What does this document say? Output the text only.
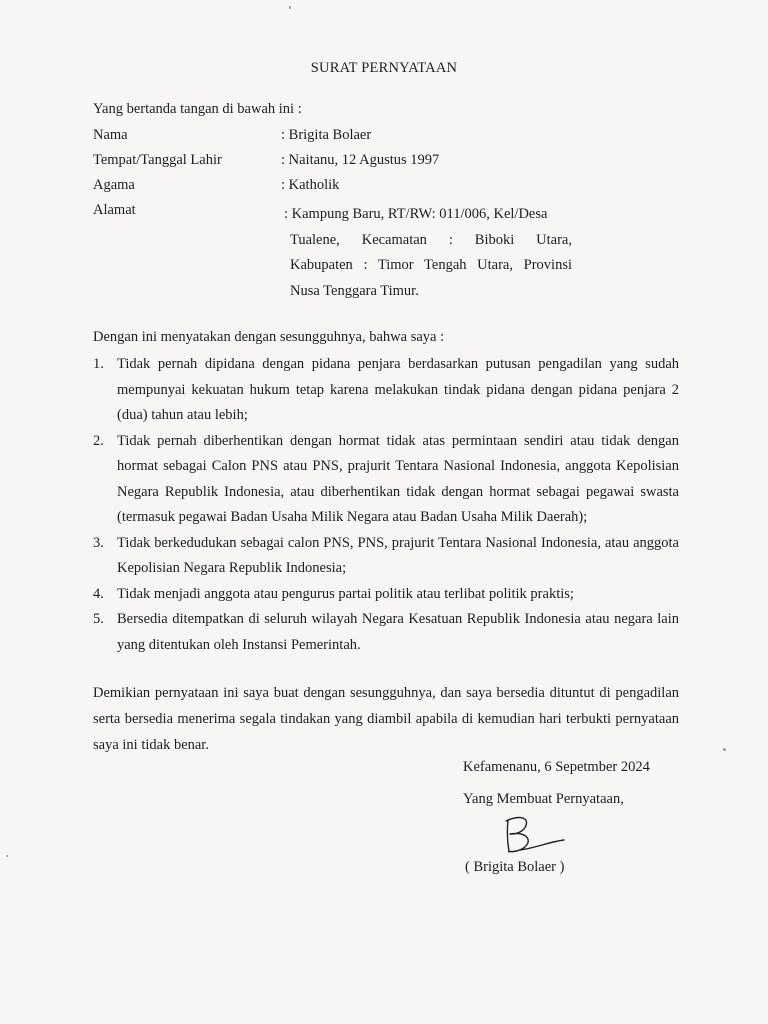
SURAT PERNYATAAN
Yang bertanda tangan di bawah ini :
Nama	: Brigita Bolaer
Tempat/Tanggal Lahir	: Naitanu, 12 Agustus 1997
Agama	: Katholik
Alamat	: Kampung Baru, RT/RW: 011/006, Kel/Desa
Tualene, Kecamatan : Biboki Utara,
Kabupaten : Timor Tengah Utara, Provinsi
Nusa Tenggara Timur.
Dengan ini menyatakan dengan sesungguhnya, bahwa saya :
1. Tidak pernah dipidana dengan pidana penjara berdasarkan putusan pengadilan yang sudah mempunyai kekuatan hukum tetap karena melakukan tindak pidana dengan pidana penjara 2 (dua) tahun atau lebih;
2. Tidak pernah diberhentikan dengan hormat tidak atas permintaan sendiri atau tidak dengan hormat sebagai Calon PNS atau PNS, prajurit Tentara Nasional Indonesia, anggota Kepolisian Negara Republik Indonesia, atau diberhentikan tidak dengan hormat sebagai pegawai swasta (termasuk pegawai Badan Usaha Milik Negara atau Badan Usaha Milik Daerah);
3. Tidak berkedudukan sebagai calon PNS, PNS, prajurit Tentara Nasional Indonesia, atau anggota Kepolisian Negara Republik Indonesia;
4. Tidak menjadi anggota atau pengurus partai politik atau terlibat politik praktis;
5. Bersedia ditempatkan di seluruh wilayah Negara Kesatuan Republik Indonesia atau negara lain yang ditentukan oleh Instansi Pemerintah.
Demikian pernyataan ini saya buat dengan sesungguhnya, dan saya bersedia dituntut di pengadilan serta bersedia menerima segala tindakan yang diambil apabila di kemudian hari terbukti pernyataan saya ini tidak benar.
Kefamenanu, 6 Sepetmber 2024
Yang Membuat Pernyataan,
( Brigita Bolaer )
